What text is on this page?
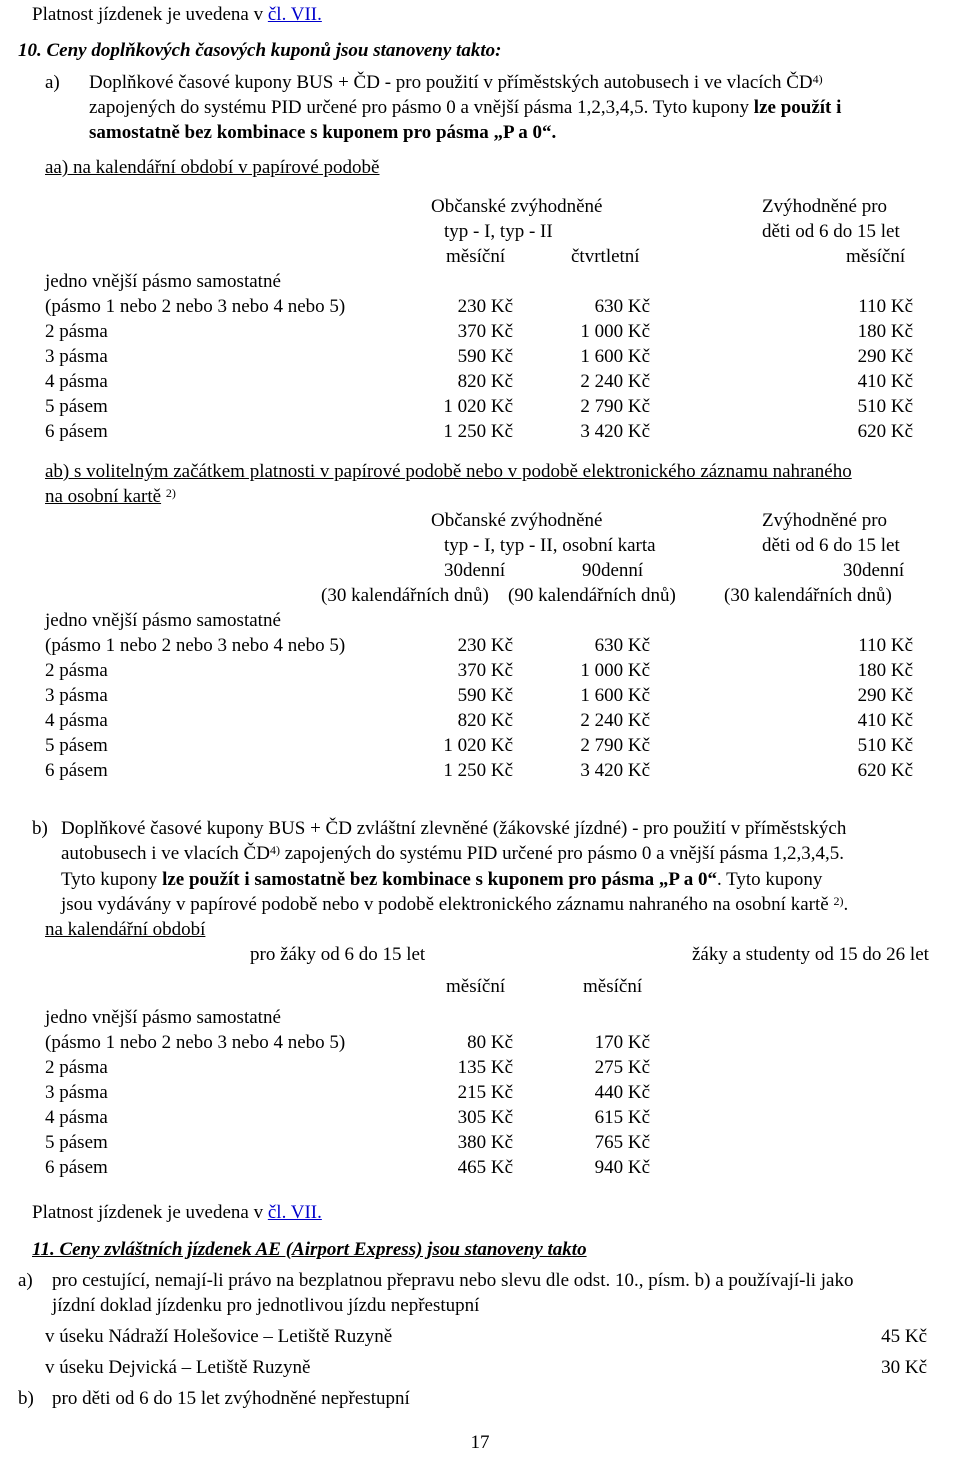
Platnost jízdenek je uvedena v čl. VII.
10. Ceny doplňkových časových kuponů jsou stanoveny takto:
a) Doplňkové časové kupony BUS + ČD - pro použití v příměstských autobusech i ve vlacích ČD$^{4)}$
zapojených do systému PID určené pro pásmo 0 a vnější pásma 1,2,3,4,5. Tyto kupony lze použít i
samostatně bez kombinace s kuponem pro pásma „P a 0“.
aa) na kalendářní období v papírové podobě
Občanské zvýhodněné
typ - I, typ - II
Zvýhodněné pro
děti od 6 do 15 let
měsíční	čtvrtletní	měsíční
jedno vnější pásmo samostatné
(pásmo 1 nebo 2 nebo 3 nebo 4 nebo 5)	230 Kč	630 Kč	110 Kč
2 pásma	370 Kč	1 000 Kč	180 Kč
3 pásma	590 Kč	1 600 Kč	290 Kč
4 pásma	820 Kč	2 240 Kč	410 Kč
5 pásem	1 020 Kč	2 790 Kč	510 Kč
6 pásem	1 250 Kč	3 420 Kč	620 Kč
ab) s volitelným začátkem platnosti v papírové podobě nebo v podobě elektronického záznamu nahraného
na osobní kartě $^{2)}$
Občanské zvýhodněné
typ - I, typ - II, osobní karta
Zvýhodněné pro
děti od 6 do 15 let
30denní	90denní	30denní
(30 kalendářních dnů) (90 kalendářních dnů)	(30 kalendářních dnů)
jedno vnější pásmo samostatné
(pásmo 1 nebo 2 nebo 3 nebo 4 nebo 5)	230 Kč	630 Kč	110 Kč
2 pásma	370 Kč	1 000 Kč	180 Kč
3 pásma	590 Kč	1 600 Kč	290 Kč
4 pásma	820 Kč	2 240 Kč	410 Kč
5 pásem	1 020 Kč	2 790 Kč	510 Kč
6 pásem	1 250 Kč	3 420 Kč	620 Kč
b) Doplňkové časové kupony BUS + ČD zvláštní zlevněné (žákovské jízdné) - pro použití v příměstských
autobusech i ve vlacích ČD$^{4)}$ zapojených do systému PID určené pro pásmo 0 a vnější pásma 1,2,3,4,5.
Tyto kupony lze použít i samostatně bez kombinace s kuponem pro pásma „P a 0“. Tyto kupony
jsou vydávány v papírové podobě nebo v podobě elektronického záznamu nahraného na osobní kartě $^{2)}$.
na kalendářní období
pro žáky od 6 do 15 let	žáky a studenty od 15 do 26 let
měsíční	měsíční
jedno vnější pásmo samostatné
(pásmo 1 nebo 2 nebo 3 nebo 4 nebo 5)	80 Kč	170 Kč
2 pásma	135 Kč	275 Kč
3 pásma	215 Kč	440 Kč
4 pásma	305 Kč	615 Kč
5 pásem	380 Kč	765 Kč
6 pásem	465 Kč	940 Kč
Platnost jízdenek je uvedena v čl. VII.
11. Ceny zvláštních jízdenek AE (Airport Express) jsou stanoveny takto
a) pro cestující, nemají-li právo na bezplatnou přepravu nebo slevu dle odst. 10., písm. b) a používají-li jako
jízdní doklad jízdenku pro jednotlivou jízdu nepřestupní
v úseku Nádraží Holešovice – Letiště Ruzyně	45 Kč
v úseku Dejvická – Letiště Ruzyně	30 Kč
b) pro děti od 6 do 15 let zvýhodněné nepřestupní
17
